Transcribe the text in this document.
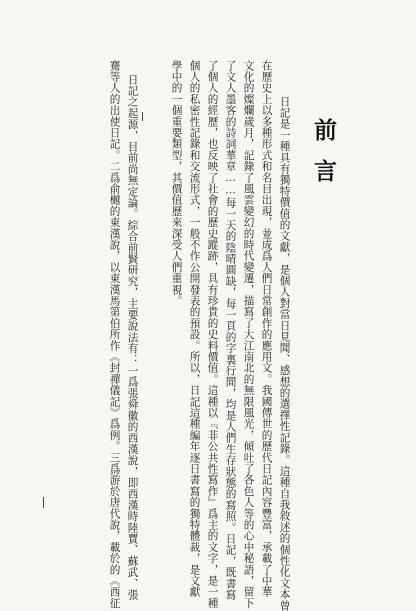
前言
日記是一種具有獨特價值的文獻，是個人對當日見聞、感想的選擇性記錄。這種自我敘述的個性化文本曾
在歷史上以多種形式和名目出現，並成爲人們日常創作的應用文。我國傳世的歷代日記內容豐富，承載了中華
文化的燦爛歲月，記錄了風雲變幻的時代變遷，描寫了大江南北的無限風光，傾吐了各色人等的心中秘語，留下
了文人墨客的詩詞華章……每一天的陰晴圓缺，每一頁的字裏行間，均是人們生存狀態的寫照。日記，既書寫
了個人的經歷，也反映了社會的歷史蹤跡，具有珍貴的史料價值。這種以『非公共性寫作』爲主的文字，是一種
個人的私密性記錄和交流形式，一般不作公開發表的預設。所以，日記這種編年逐日書寫的獨特體裁，是文獻
學中的一個重要類型，其價值歷來深受人們重視。
日記之起源，目前尚無定論。綜合前賢研究，主要說法有：一爲張舜徽的西漢說，即西漢時陸賈、蘇武、張
騫等人的出使日記。二爲俞樾的東漢說，以東漢馬第伯所作《封禪儀記》爲例。三爲游於唐代說，載於的《西征
